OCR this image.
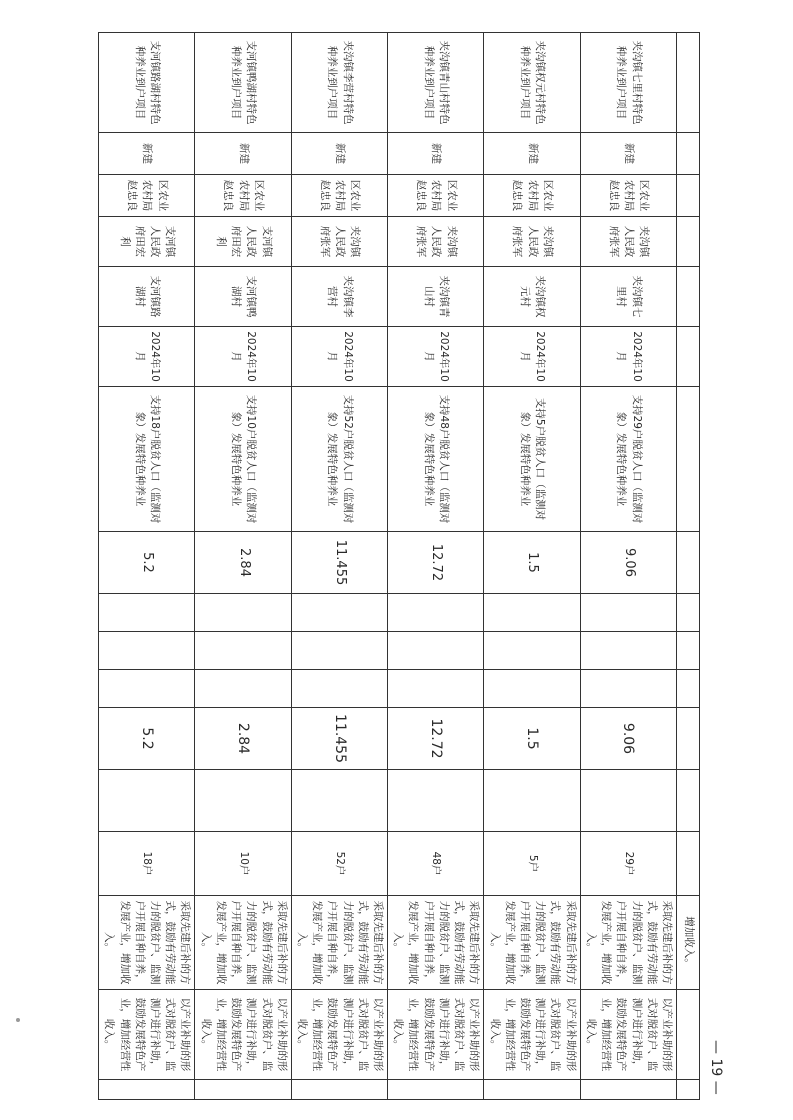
														增加收入。		
夹沟镇七里村特色种养业到户项目	新建	区农业农村局赵忠良	夹沟镇人民政府张军	夹沟镇七里村	2024年10月	支持29户脱贫人口（监测对象）发展特色种养业	9.06				9.06		29户	采取先建后补的方式，鼓励有劳动能力的脱贫户、监测户开展自种自养，发展产业，增加收入。	以产业补助的形式对脱贫户、监测户进行补助，鼓励发展特色产业，增加经营性收入。	
夹沟镇权元村特色种养业到户项目	新建	区农业农村局赵忠良	夹沟镇人民政府张军	夹沟镇权元村	2024年10月	支持5户脱贫人口（监测对象）发展特色种养业	1.5				1.5		5户	采取先建后补的方式，鼓励有劳动能力的脱贫户、监测户开展自种自养，发展产业，增加收入。	以产业补助的形式对脱贫户、监测户进行补助，鼓励发展特色产业，增加经营性收入。	
夹沟镇青山村特色种养业到户项目	新建	区农业农村局赵忠良	夹沟镇人民政府张军	夹沟镇青山村	2024年10月	支持48户脱贫人口（监测对象）发展特色种养业	12.72				12.72		48户	采取先建后补的方式，鼓励有劳动能力的脱贫户、监测户开展自种自养，发展产业，增加收入。	以产业补助的形式对脱贫户、监测户进行补助，鼓励发展特色产业，增加经营性收入。	
夹沟镇李营村特色种养业到户项目	新建	区农业农村局赵忠良	夹沟镇人民政府张军	夹沟镇李营村	2024年10月	支持52户脱贫人口（监测对象）发展特色种养业	11.455				11.455		52户	采取先建后补的方式，鼓励有劳动能力的脱贫户、监测户开展自种自养，发展产业，增加收入。	以产业补助的形式对脱贫户、监测户进行补助，鼓励发展特色产业，增加经营性收入。	
支河镇鸭湖村特色种养业到户项目	新建	区农业农村局赵忠良	支河镇人民政府田宏利	支河镇鸭湖村	2024年10月	支持10户脱贫人口（监测对象）发展特色种养业	2.84				2.84		10户	采取先建后补的方式，鼓励有劳动能力的脱贫户、监测户开展自种自养，发展产业，增加收入。	以产业补助的形式对脱贫户、监测户进行补助，鼓励发展特色产业，增加经营性收入。	
支河镇路湖村特色种养业到户项目	新建	区农业农村局赵忠良	支河镇人民政府田宏利	支河镇路湖村	2024年10月	支持18户脱贫人口（监测对象）发展特色种养业	5.2				5.2		18户	采取先建后补的方式，鼓励有劳动能力的脱贫户、监测户开展自种自养，发展产业，增加收入。	以产业补助的形式对脱贫户、监测户进行补助，鼓励发展特色产业，增加经营性收入。	
— 19 —
